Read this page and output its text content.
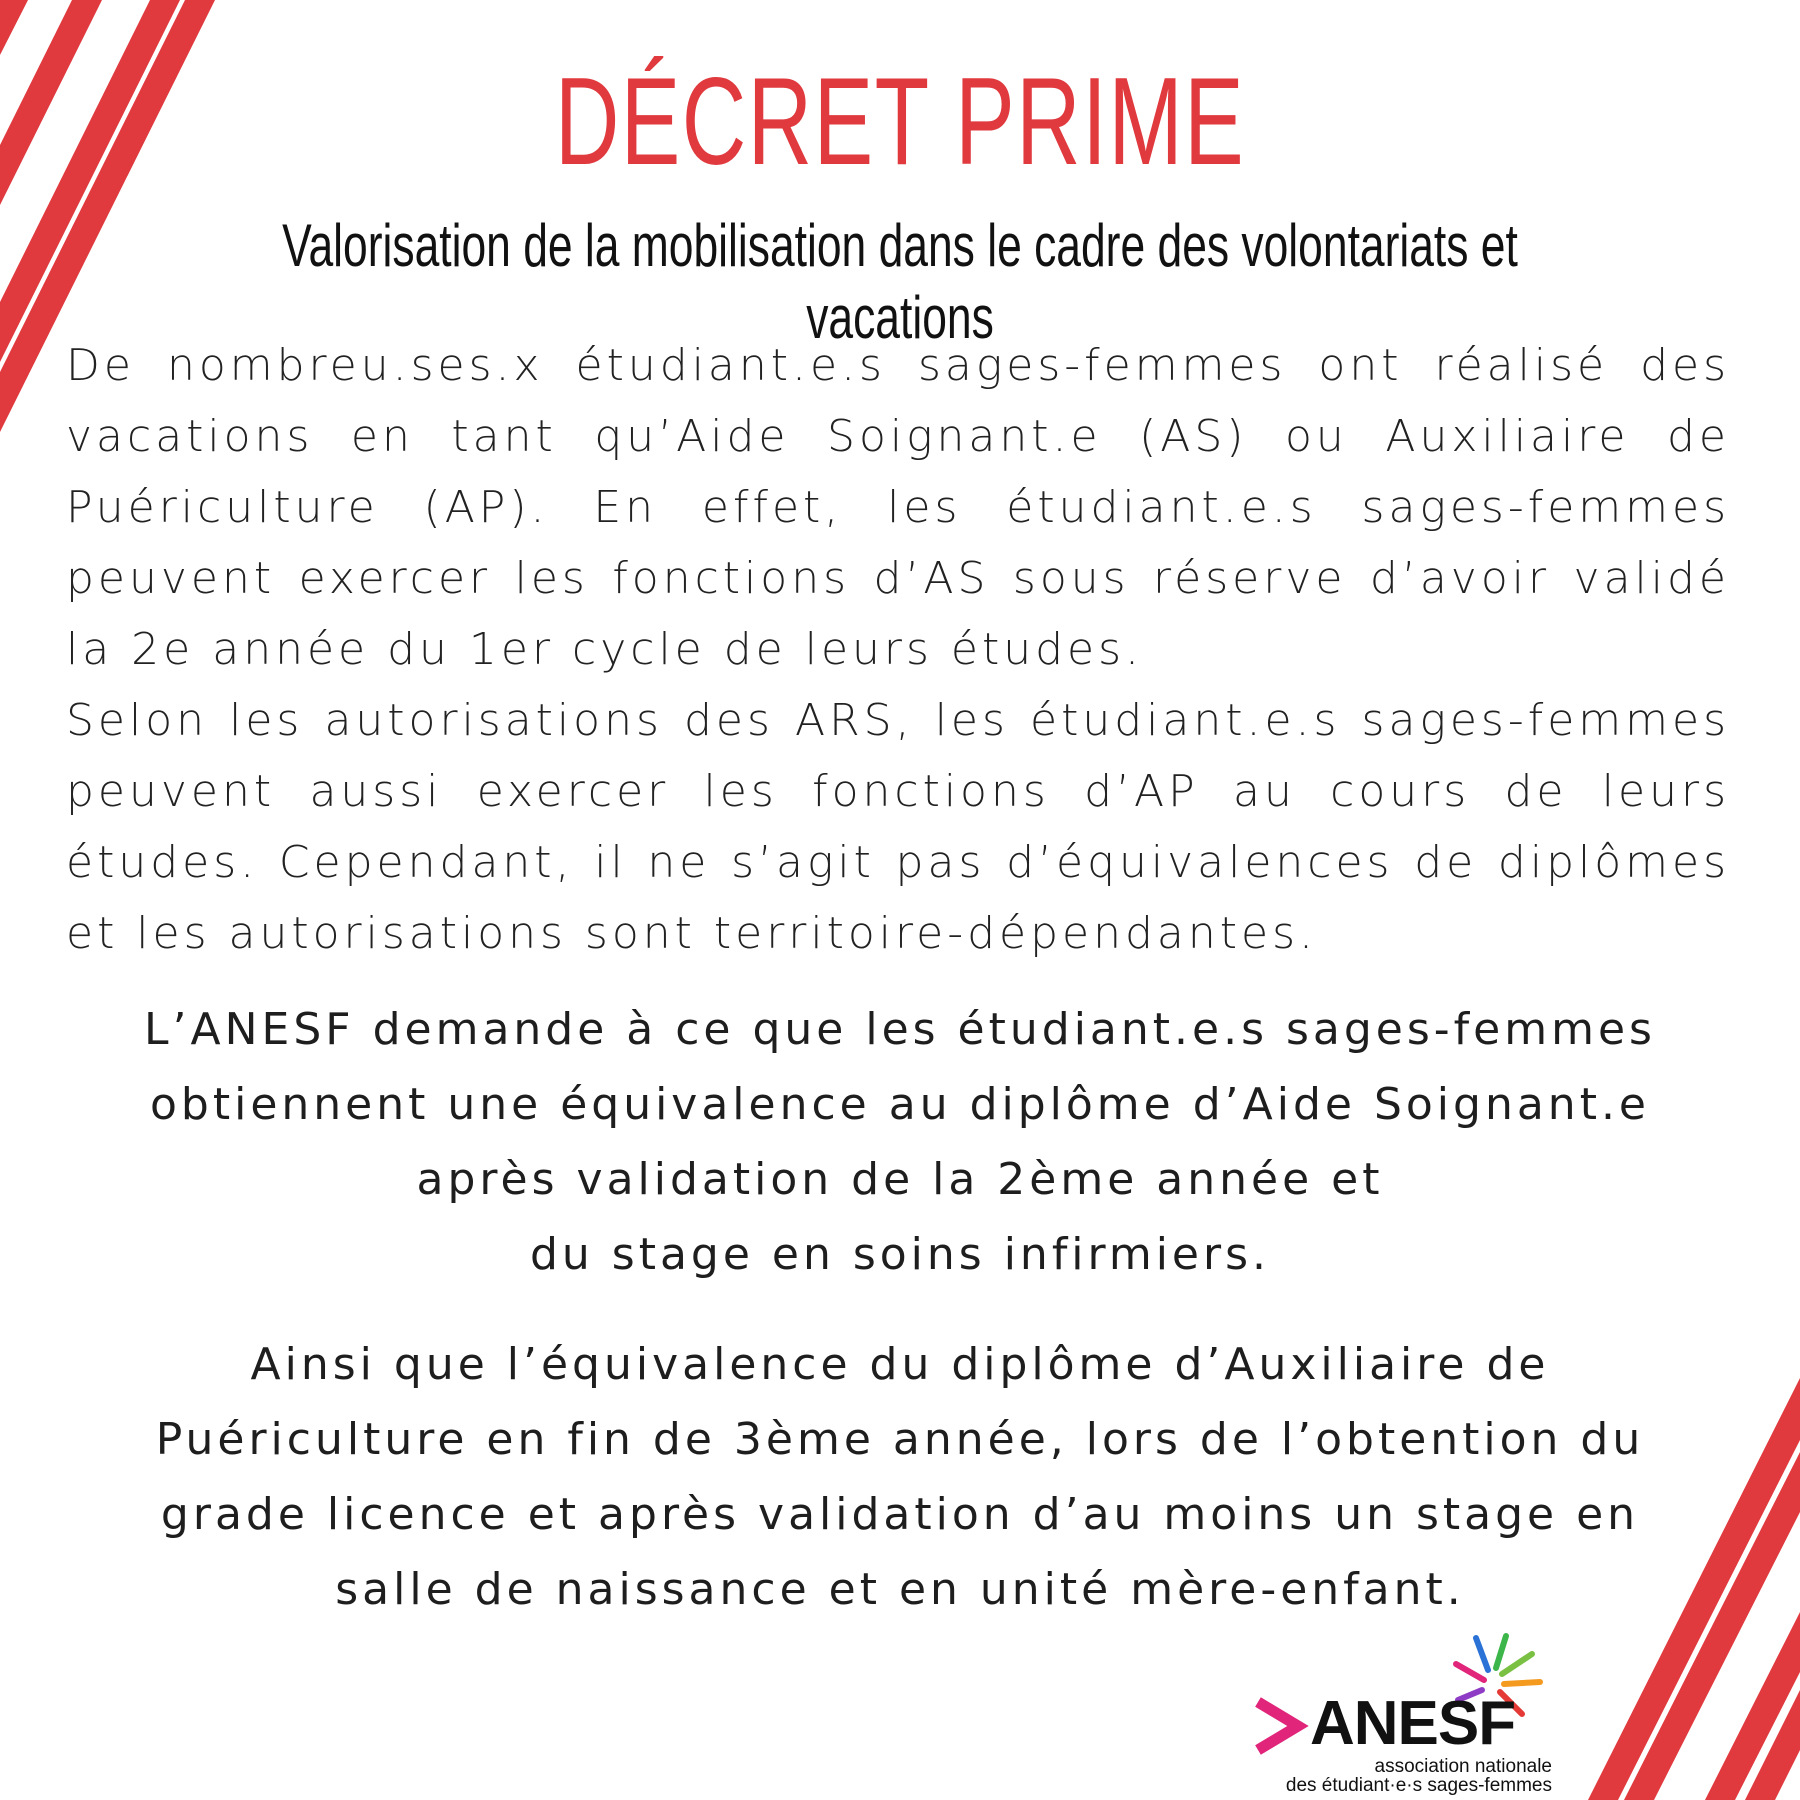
DÉCRET PRIME
Valorisation de la mobilisation dans le cadre des volontariats et vacations

De nombreu.ses.x étudiant.e.s sages-femmes ont réalisé des vacations en tant qu’Aide Soignant.e (AS) ou Auxiliaire de Puériculture (AP). En effet, les étudiant.e.s sages-femmes peuvent exercer les fonctions d’AS sous réserve d’avoir validé la 2e année du 1er cycle de leurs études.

Selon les autorisations des ARS, les étudiant.e.s sages-femmes peuvent aussi exercer les fonctions d’AP au cours de leurs études. Cependant, il ne s’agit pas d’équivalences de diplômes et les autorisations sont territoire-dépendantes.

L’ANESF demande à ce que les étudiant.e.s sages-femmes

obtiennent une équivalence au diplôme d’Aide Soignant.e

après validation de la 2ème année et

du stage en soins infirmiers.

Ainsi que l’équivalence du diplôme d’Auxiliaire de

Puériculture en fin de 3ème année, lors de l’obtention du

grade licence et après validation d’au moins un stage en

salle de naissance et en unité mère-enfant.

ANESF
association nationale
des étudiant·e·s sages-femmes
